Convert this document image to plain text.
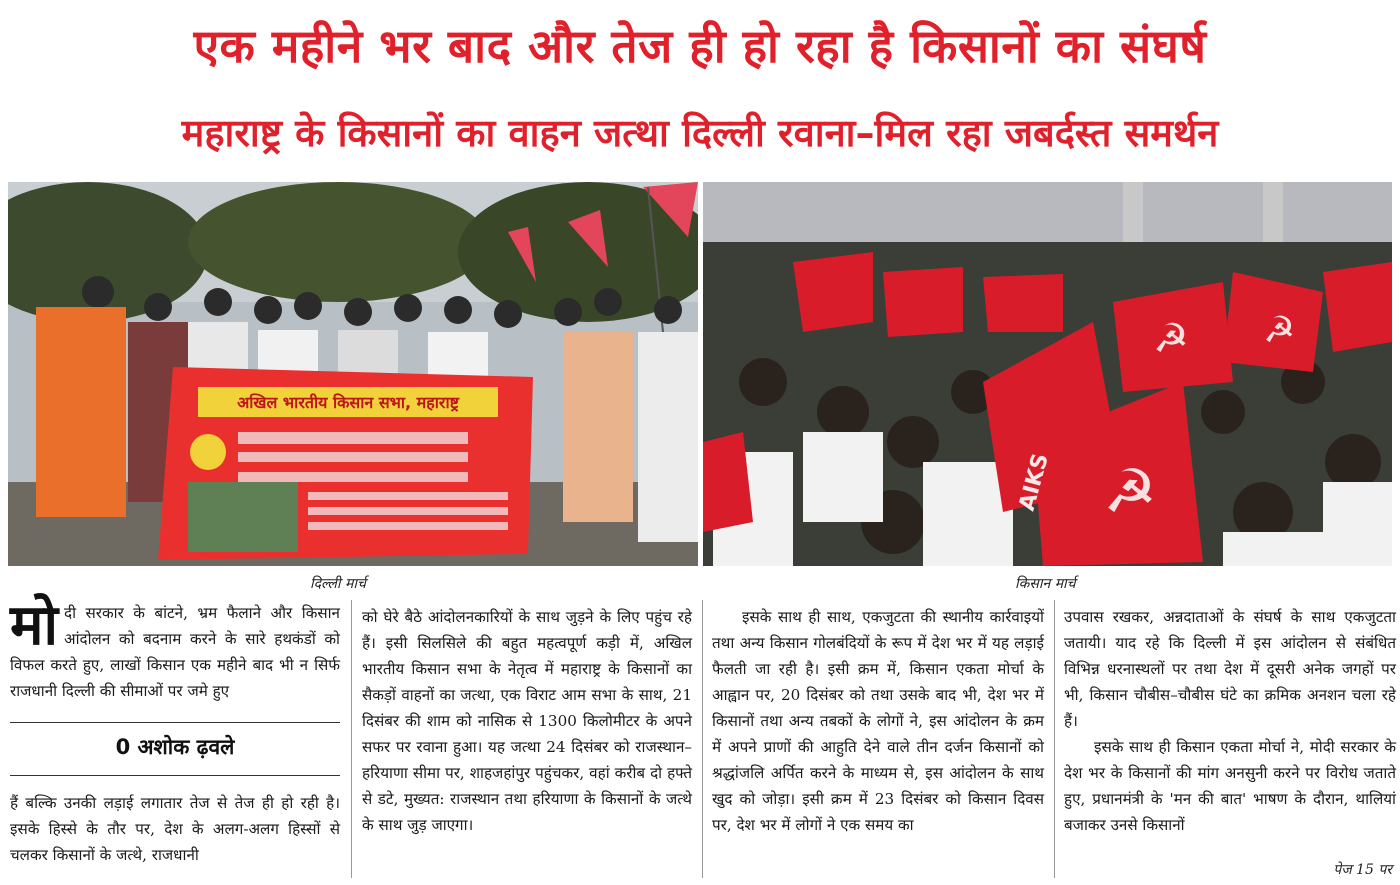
एक महीने भर बाद और तेज ही हो रहा है किसानों का संघर्ष
महाराष्ट्र के किसानों का वाहन जत्था दिल्ली रवाना–मिल रहा जबर्दस्त समर्थन
अखिल भारतीय किसान सभा, महाराष्ट्र
AIKS ☭
☭ ☭
दिल्ली मार्च	किसान मार्च
मो दी सरकार के बांटने, भ्रम फैलाने और किसान आंदोलन को बदनाम करने के सारे हथकंडों को विफल करते हुए, लाखों किसान एक महीने बाद भी न सिर्फ राजधानी दिल्ली की सीमाओं पर जमे हुए
0 अशोक ढ़वले
हैं बल्कि उनकी लड़ाई लगातार तेज से तेज ही हो रही है। इसके हिस्से के तौर पर, देश के अलग-अलग हिस्सों से चलकर किसानों के जत्थे, राजधानी
को घेरे बैठे आंदोलनकारियों के साथ जुड़ने के लिए पहुंच रहे हैं। इसी सिलसिले की बहुत महत्वपूर्ण कड़ी में, अखिल भारतीय किसान सभा के नेतृत्व में महाराष्ट्र के किसानों का सैकड़ों वाहनों का जत्था, एक विराट आम सभा के साथ, 21 दिसंबर की शाम को नासिक से 1300 किलोमीटर के अपने सफर पर रवाना हुआ। यह जत्था 24 दिसंबर को राजस्थान–हरियाणा सीमा पर, शाहजहांपुर पहुंचकर, वहां करीब दो हफ्ते से डटे, मुख्यत: राजस्थान तथा हरियाणा के किसानों के जत्थे के साथ जुड़ जाएगा।

इसके साथ ही साथ, एकजुटता की स्थानीय कार्रवाइयों तथा अन्य किसान गोलबंदियों के रूप में देश भर में यह लड़ाई फैलती जा रही है। इसी क्रम में, किसान एकता मोर्चा के आह्वान पर, 20 दिसंबर को तथा उसके बाद भी, देश भर में किसानों तथा अन्य तबकों के लोगों ने, इस आंदोलन के क्रम में अपने प्राणों की आहुति देने वाले तीन दर्जन किसानों को श्रद्धांजलि अर्पित करने के माध्यम से, इस आंदोलन के साथ खुद को जोड़ा। इसी क्रम में 23 दिसंबर को किसान दिवस पर, देश भर में लोगों ने एक समय का

उपवास रखकर, अन्नदाताओं के संघर्ष के साथ एकजुटता जतायी। याद रहे कि दिल्ली में इस आंदोलन से संबंधित विभिन्न धरनास्थलों पर तथा देश में दूसरी अनेक जगहों पर भी, किसान चौबीस–चौबीस घंटे का क्रमिक अनशन चला रहे हैं।

इसके साथ ही किसान एकता मोर्चा ने, मोदी सरकार के देश भर के किसानों की मांग अनसुनी करने पर विरोध जताते हुए, प्रधानमंत्री के 'मन की बात' भाषण के दौरान, थालियां बजाकर उनसे किसानों

पेज 15 पर
